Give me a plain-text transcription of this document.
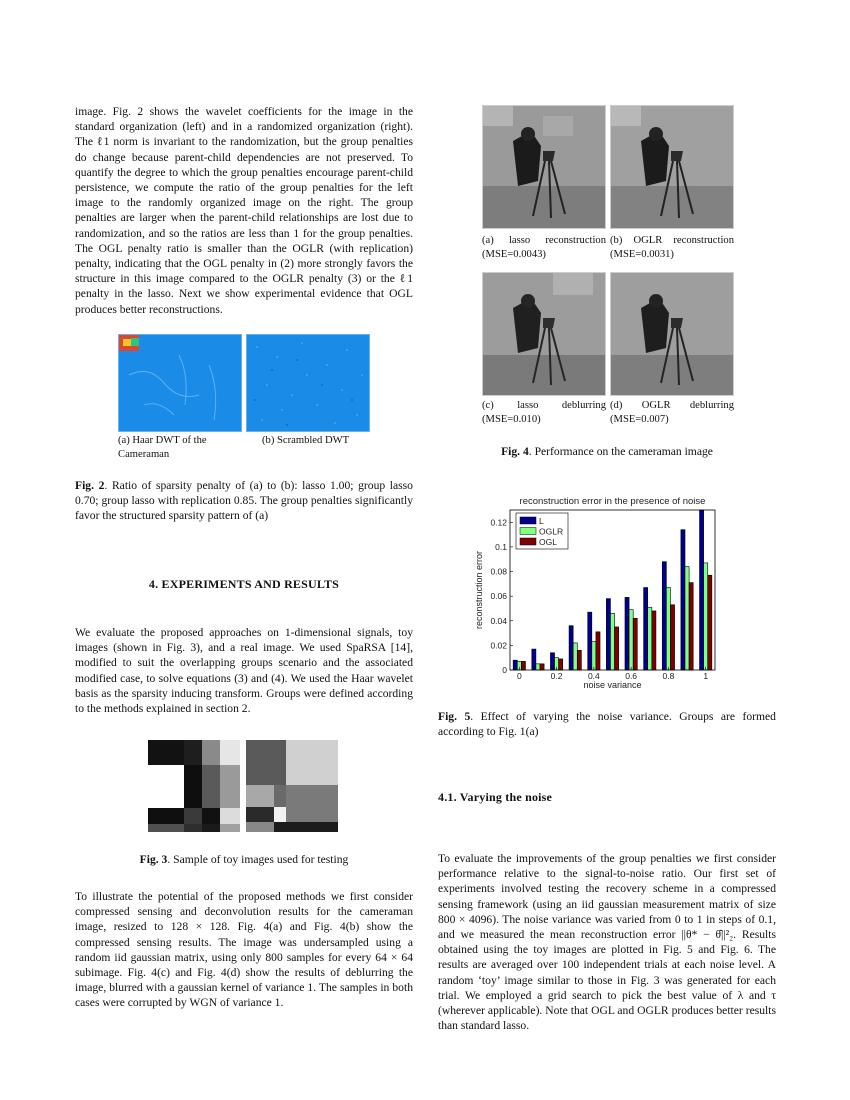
image. Fig. 2 shows the wavelet coefficients for the image in the standard organization (left) and in a randomized organization (right). The ℓ1 norm is invariant to the randomization, but the group penalties do change because parent-child dependencies are not preserved. To quantify the degree to which the group penalties encourage parent-child persistence, we compute the ratio of the group penalties for the left image to the randomly organized image on the right. The group penalties are larger when the parent-child relationships are lost due to randomization, and so the ratios are less than 1 for the group penalties. The OGL penalty ratio is smaller than the OGLR (with replication) penalty, indicating that the OGL penalty in (2) more strongly favors the structure in this image compared to the OGLR penalty (3) or the ℓ1 penalty in the lasso. Next we show experimental evidence that OGL produces better reconstructions.
(a) Haar DWT of the Cameraman
(b) Scrambled DWT
Fig. 2. Ratio of sparsity penalty of (a) to (b): lasso 1.00; group lasso 0.70; group lasso with replication 0.85. The group penalties significantly favor the structured sparsity pattern of (a)
4. EXPERIMENTS AND RESULTS
We evaluate the proposed approaches on 1-dimensional signals, toy images (shown in Fig. 3), and a real image. We used SpaRSA [14], modified to suit the overlapping groups scenario and the associated modified case, to solve equations (3) and (4). We used the Haar wavelet basis as the sparsity inducing transform. Groups were defined according to the methods explained in section 2.
Fig. 3. Sample of toy images used for testing
To illustrate the potential of the proposed methods we first consider compressed sensing and deconvolution results for the cameraman image, resized to 128 × 128. Fig. 4(a) and Fig. 4(b) show the compressed sensing results. The image was undersampled using a random iid gaussian matrix, using only 800 samples for every 64 × 64 subimage. Fig. 4(c) and Fig. 4(d) show the results of deblurring the image, blurred with a gaussian kernel of variance 1. The samples in both cases were corrupted by WGN of variance 1.
(a) lasso reconstruction (MSE=0.0043)
(b) OGLR reconstruction (MSE=0.0031)
(c) lasso deblurring (MSE=0.010)
(d) OGLR deblurring (MSE=0.007)
Fig. 4. Performance on the cameraman image
reconstruction error in the presence of noise
0
0.02
0.04
0.06
0.08
0.1
0.12
0	0.2	0.4	0.6	0.8	1
noise variance
reconstruction error
L
OGLR
OGL
Fig. 5. Effect of varying the noise variance. Groups are formed according to Fig. 1(a)
4.1. Varying the noise
To evaluate the improvements of the group penalties we first consider performance relative to the signal-to-noise ratio. Our first set of experiments involved testing the recovery scheme in a compressed sensing framework (using an iid gaussian measurement matrix of size 800 × 4096). The noise variance was varied from 0 to 1 in steps of 0.1, and we measured the mean reconstruction error ||θ* − θ̂||²₂. Results obtained using the toy images are plotted in Fig. 5 and Fig. 6. The results are averaged over 100 independent trials at each noise level. A random ‘toy’ image similar to those in Fig. 3 was generated for each trial. We employed a grid search to pick the best value of λ and τ (wherever applicable). Note that OGL and OGLR produces better results than standard lasso.
